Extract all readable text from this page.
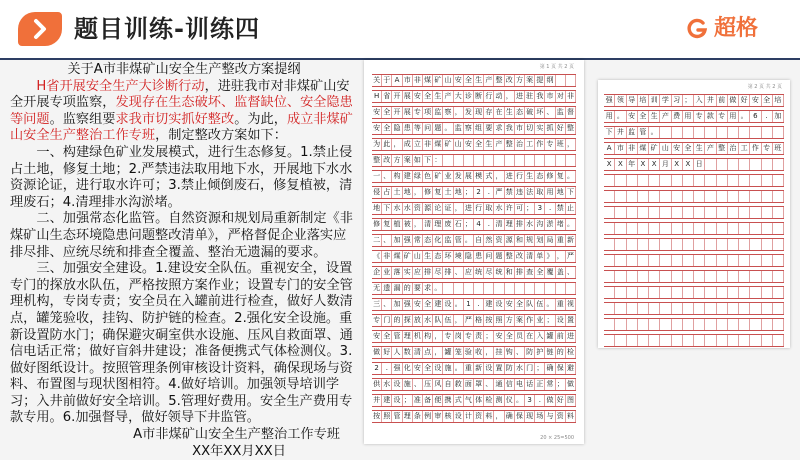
题目训练-训练四	超格

关于A市非煤矿山安全生产整改方案提纲

H省开展安全生产大诊断行动，进驻我市对非煤矿山安全开展专项监察，发现存在生态破坏、监督缺位、安全隐患等问题。监察组要求我市切实抓好整改。为此，成立非煤矿山安全生产整治工作专班，制定整改方案如下：

一、构建绿色矿业发展模式，进行生态修复。1.禁止侵占土地，修复土地；2.严禁违法取用地下水，开展地下水水资源论证，进行取水许可；3.禁止倾倒废石，修复植被，清理废石；4.清理排水沟淤堵。

二、加强常态化监管。自然资源和规划局重新制定《非煤矿山生态环境隐患问题整改清单》，严格督促企业落实应排尽排、应统尽统和排查全覆盖、整治无遗漏的要求。

三、加强安全建设。1.建设安全队伍。重视安全，设置专门的探放水队伍，严格按照方案作业；设置专门的安全管理机构，专岗专责；安全员在入罐前进行检查，做好人数清点，罐笼验收，挂钩、防护链的检查。2.强化安全设施。重新设置防水门；确保避灾硐室供水设施、压风自救面罩、通信电话正常；做好盲斜井建设；准备便携式气体检测仪。3.做好图纸设计。按照管理条例审核设计资料，确保现场与资料、布置图与现状图相符。4.做好培训。加强领导培训学习；入井前做好安全培训。5.管理好费用。安全生产费用专款专用。6.加强督导，做好领导下井监管。

A市非煤矿山安全生产整治工作专班

XX年XX月XX日

第 2 页 共 2 页
强 领 导 培 训 学 习 ； 入 井 前 做 好 安 全 培
用 。 安 全 生 产 费 用 专 款 专 用 。 6	. 加
下 井 监 管 。
A 市 非 煤 矿 山 安 全 生 产 整 治 工 作 专 班
X X 年 X X 月 X X 日
第 1 页 共 2 页
关 于 A 市 非 煤 矿 山 安 全 生 产 整 改 方 案 提 纲
H 省 开 展 安 全 生 产 大 诊 断 行 动 ， 进 驻 我 市 对 非
安 全 开 展 专 项 监 察 ， 发 现 存 在 生 态 破 坏 、 监 督
安 全 隐 患 等 问 题 。 监 察 组 要 求 我 市 切 实 抓 好 整
为 此 ， 成 立 非 煤 矿 山 安 全 生 产 整 治 工 作 专 班 ，
整 改 方 案 如 下 ：
一 、 构 建 绿 色 矿 业 发 展 模 式 ， 进 行 生 态 修 复 。
侵 占 土 地 ， 修 复 土 地 ； 2 . 严 禁 违 法 取 用 地 下
地 下 水 水 资 源 论 证 ， 进 行 取 水 许 可 ； 3 . 禁 止
修 复 植 被 ， 清 理 废 石 ； 4 . 清 理 排 水 沟 淤 堵 。
二 、 加 强 常 态 化 监 管 。 自 然 资 源 和 规 划 局 重 新
《 非 煤 矿 山 生 态 环 境 隐 患 问 题 整 改 清 单 》 ， 严
企 业 落 实 应 排 尽 排 、 应 统 尽 统 和 排 查 全 覆 盖 、
无 遗 漏 的 要 求 。
三 、 加 强 安 全 建 设 。 1 . 建 设 安 全 队 伍 。 重 视
专 门 的 探 放 水 队 伍 ， 严 格 按 照 方 案 作 业 ； 设 置
安 全 管 理 机 构 ， 专 岗 专 责 ； 安 全 员 在 入 罐 前 进
做 好 人 数 清 点 ， 罐 笼 验 收 ， 挂 钩 、 防 护 链 的 检
2 . 强 化 安 全 设 施 。 重 新 设 置 防 水 门 ； 确 保 避
供 水 设 施 、 压 风 自 救 面 罩 、 通 信 电 话 正 常 ； 做
井 建 设 ； 准 备 便 携 式 气 体 检 测 仪 。 3 . 做 好 图
按 照 管 理 条 例 审 核 设 计 资 料 ， 确 保 现 场 与 资 料
20 × 25=500
